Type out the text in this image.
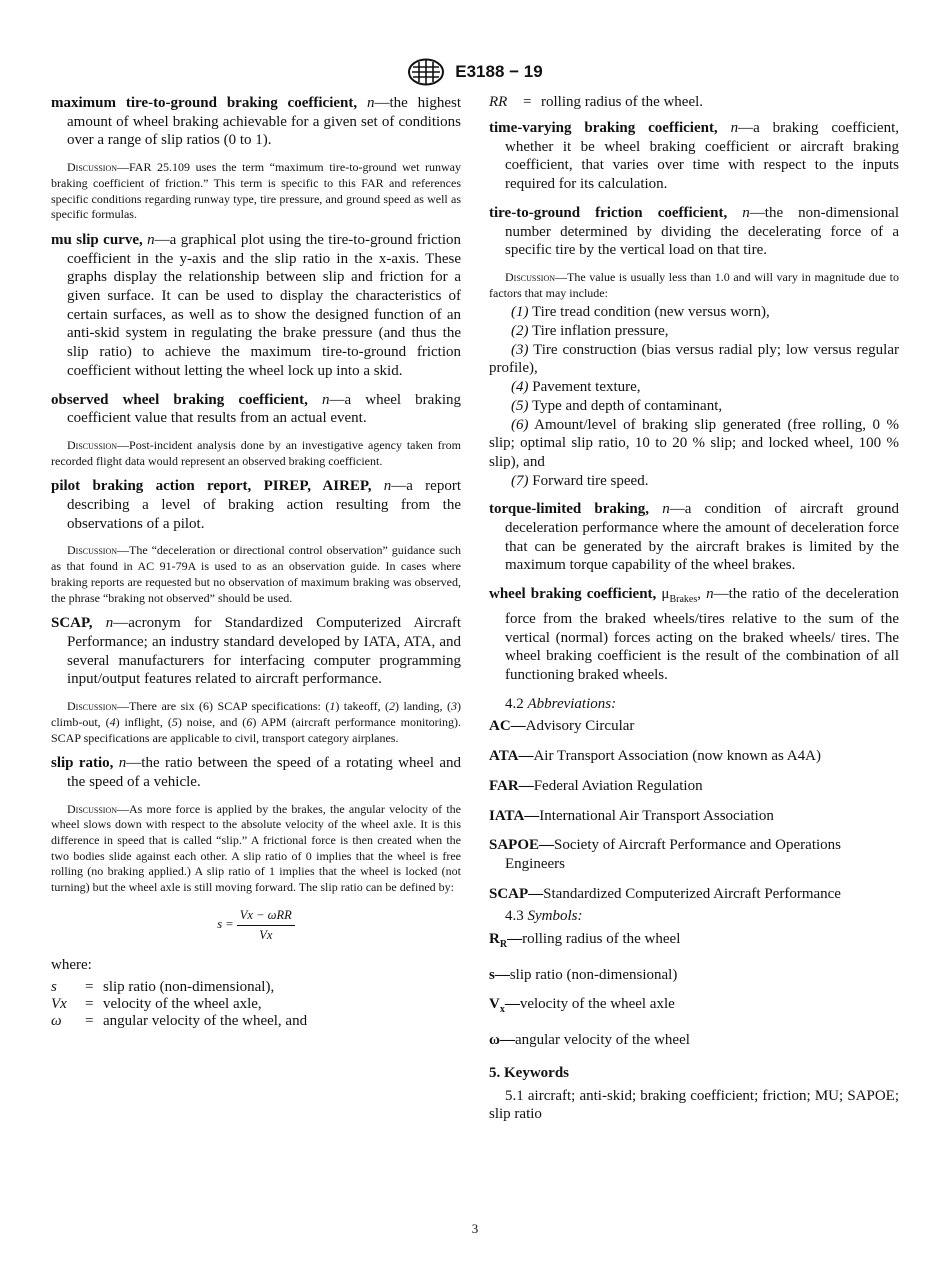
E3188 − 19

maximum tire-to-ground braking coefficient, n—the highest amount of wheel braking achievable for a given set of conditions over a range of slip ratios (0 to 1).

Discussion—FAR 25.109 uses the term “maximum tire-to-ground wet runway braking coefficient of friction.” This term is specific to this FAR and references specific conditions regarding runway type, tire pressure, and ground speed as well as specific formulas.

mu slip curve, n—a graphical plot using the tire-to-ground friction coefficient in the y-axis and the slip ratio in the x-axis. These graphs display the relationship between slip and friction for a given surface. It can be used to display the characteristics of certain surfaces, as well as to show the designed function of an anti-skid system in regulating the brake pressure (and thus the slip ratio) to achieve the maximum tire-to-ground friction coefficient without letting the wheel lock up into a skid.

observed wheel braking coefficient, n—a wheel braking coefficient value that results from an actual event.

Discussion—Post-incident analysis done by an investigative agency taken from recorded flight data would represent an observed braking coefficient.

pilot braking action report, PIREP, AIREP, n—a report describing a level of braking action resulting from the observations of a pilot.

Discussion—The “deceleration or directional control observation” guidance such as that found in AC 91-79A is used to as an observation guide. In cases where braking reports are requested but no observation of maximum braking was observed, the phrase “braking not observed” should be used.

SCAP, n—acronym for Standardized Computerized Aircraft Performance; an industry standard developed by IATA, ATA, and several manufacturers for interfacing computer programming input/output features related to aircraft performance.

Discussion—There are six (6) SCAP specifications: (1) takeoff, (2) landing, (3) climb-out, (4) inflight, (5) noise, and (6) APM (aircraft performance monitoring). SCAP specifications are applicable to civil, transport category airplanes.

slip ratio, n—the ratio between the speed of a rotating wheel and the speed of a vehicle.

Discussion—As more force is applied by the brakes, the angular velocity of the wheel slows down with respect to the absolute velocity of the wheel axle. It is this difference in speed that is called “slip.” A frictional force is then created when the two bodies slide against each other. A slip ratio of 0 implies that the wheel is free rolling (no braking applied.) A slip ratio of 1 implies that the wheel is locked (not turning) but the wheel axle is still moving forward. The slip ratio can be defined by:

$s = \frac{\text{Vx − ωRR}}{Vx}$

where:

s	=	slip ratio (non-dimensional),
Vx	=	velocity of the wheel axle,
ω	=	angular velocity of the wheel, and
RR	=	rolling radius of the wheel.

time-varying braking coefficient, n—a braking coefficient, whether it be wheel braking coefficient or aircraft braking coefficient, that varies over time with respect to the inputs required for its calculation.

tire-to-ground friction coefficient, n—the non-dimensional number determined by dividing the decelerating force of a specific tire by the vertical load on that tire.

Discussion—The value is usually less than 1.0 and will vary in magnitude due to factors that may include:

(1) Tire tread condition (new versus worn),

(2) Tire inflation pressure,

(3) Tire construction (bias versus radial ply; low versus regular profile),

(4) Pavement texture,

(5) Type and depth of contaminant,

(6) Amount/level of braking slip generated (free rolling, 0 % slip; optimal slip ratio, 10 to 20 % slip; and locked wheel, 100 % slip), and

(7) Forward tire speed.

torque-limited braking, n—a condition of aircraft ground deceleration performance where the amount of deceleration force that can be generated by the aircraft brakes is limited by the maximum torque capability of the wheel brakes.

wheel braking coefficient, $\mu_{Brakes}$, n—the ratio of the deceleration force from the braked wheels/tires relative to the sum of the vertical (normal) forces acting on the braked wheels/ tires. The wheel braking coefficient is the result of the combination of all functioning braked wheels.

4.2 Abbreviations:

AC—Advisory Circular

ATA—Air Transport Association (now known as A4A)

FAR—Federal Aviation Regulation

IATA—International Air Transport Association

SAPOE—Society of Aircraft Performance and Operations Engineers

SCAP—Standardized Computerized Aircraft Performance

4.3 Symbols:

$R_R—rolling$ radius of the wheel

s—slip ratio (non-dimensional)

$V_x—velocity$ of the wheel axle

ω—angular velocity of the wheel

5. Keywords

5.1 aircraft; anti-skid; braking coefficient; friction; MU; SAPOE; slip ratio

3
